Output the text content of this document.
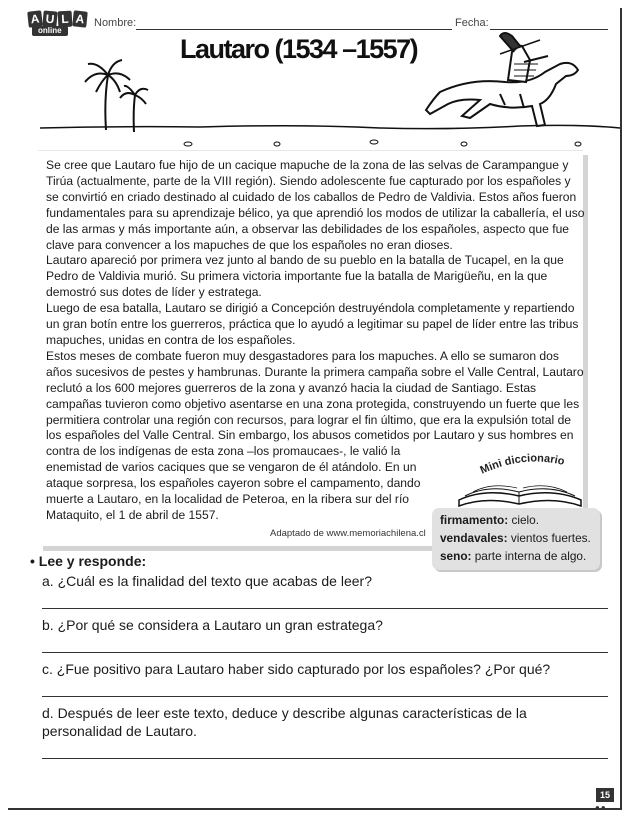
A U L A
online
Nombre:	Fecha:
Lautaro (1534 –1557)

Se cree que Lautaro fue hijo de un cacique mapuche de la zona de las selvas de Carampangue y Tirúa (actualmente, parte de la VIII región). Siendo adolescente fue capturado por los españoles y se convirtió en criado destinado al cuidado de los caballos de Pedro de Valdivia. Estos años fueron fundamentales para su aprendizaje bélico, ya que aprendió los modos de utilizar la caballería, el uso de las armas y más importante aún, a observar las debilidades de los españoles, aspecto que fue clave para convencer a los mapuches de que los españoles no eran dioses.

Lautaro apareció por primera vez junto al bando de su pueblo en la batalla de Tucapel, en la que Pedro de Valdivia murió. Su primera victoria importante fue la batalla de Marigüeñu, en la que demostró sus dotes de líder y estratega.

Luego de esa batalla, Lautaro se dirigió a Concepción destruyéndola completamente y repartiendo un gran botín entre los guerreros, práctica que lo ayudó a legitimar su papel de líder entre las tribus mapuches, unidas en contra de los españoles.

Estos meses de combate fueron muy desgastadores para los mapuches. A ello se sumaron dos años sucesivos de pestes y hambrunas. Durante la primera campaña sobre el Valle Central, Lautaro reclutó a los 600 mejores guerreros de la zona y avanzó hacia la ciudad de Santiago. Estas campañas tuvieron como objetivo asentarse en una zona protegida, construyendo un fuerte que les permitiera controlar una región con recursos, para lograr el fin último, que era la expulsión total de los españoles del Valle Central. Sin embargo, los abusos cometidos por Lautaro y sus hombres en contra de los indígenas de esta zona –los promaucaes-, le valió la

enemistad de varios caciques que se vengaron de él atándolo. En un

ataque sorpresa, los españoles cayeron sobre el campamento, dando

muerte a Lautaro, en la localidad de Peteroa, en la ribera sur del río

Mataquito, el 1 de abril de 1557.

Adaptado de www.memoriachilena.cl
Mini diccionario
firmamento: cielo.
vendavales: vientos fuertes.
seno: parte interna de algo.
• Lee y responde:
a. ¿Cuál es la finalidad del texto que acabas de leer?
b. ¿Por qué se considera a Lautaro un gran estratega?
c. ¿Fue positivo para Lautaro haber sido capturado por los españoles? ¿Por qué?
d. Después de leer este texto, deduce y describe algunas características de la personalidad de Lautaro.
15
●●
